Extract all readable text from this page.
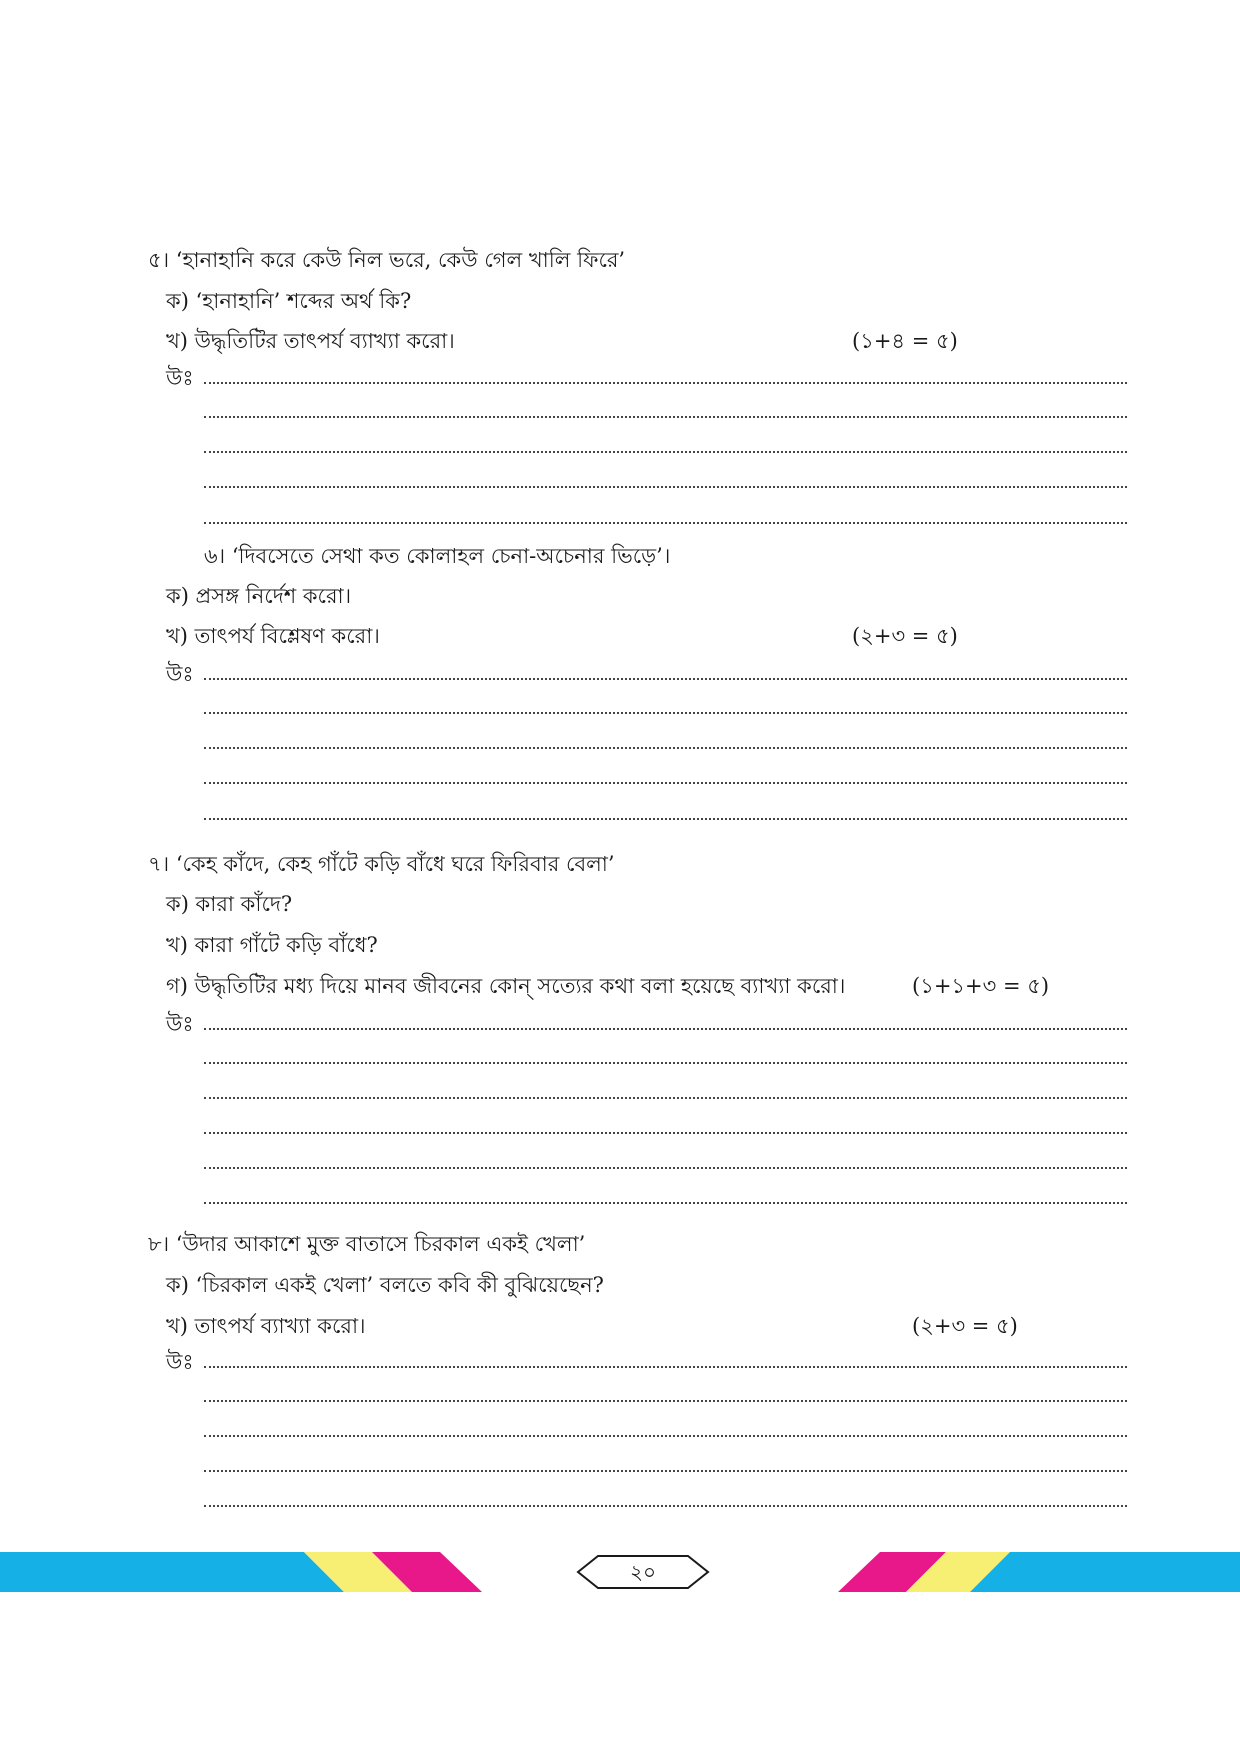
৫। ‘হানাহানি করে কেউ নিল ভরে, কেউ গেল খালি ফিরে’
ক) ‘হানাহানি’ শব্দের অর্থ কি?
খ) উদ্ধৃতিটির তাৎপর্য ব্যাখ্যা করো।	(১+৪ = ৫)
উঃ
৬। ‘দিবসেতে সেথা কত কোলাহল চেনা-অচেনার ভিড়ে’।
ক) প্রসঙ্গ নির্দেশ করো।
খ) তাৎপর্য বিশ্লেষণ করো।	(২+৩ = ৫)
উঃ
৭। ‘কেহ কাঁদে, কেহ গাঁটে কড়ি বাঁধে ঘরে ফিরিবার বেলা’
ক) কারা কাঁদে?
খ) কারা গাঁটে কড়ি বাঁধে?
গ) উদ্ধৃতিটির মধ্য দিয়ে মানব জীবনের কোন্ সত্যের কথা বলা হয়েছে ব্যাখ্যা করো।	(১+১+৩ = ৫)
উঃ
৮। ‘উদার আকাশে মুক্ত বাতাসে চিরকাল একই খেলা’
ক) ‘চিরকাল একই খেলা’ বলতে কবি কী বুঝিয়েছেন?
খ) তাৎপর্য ব্যাখ্যা করো।	(২+৩ = ৫)
উঃ
২০
